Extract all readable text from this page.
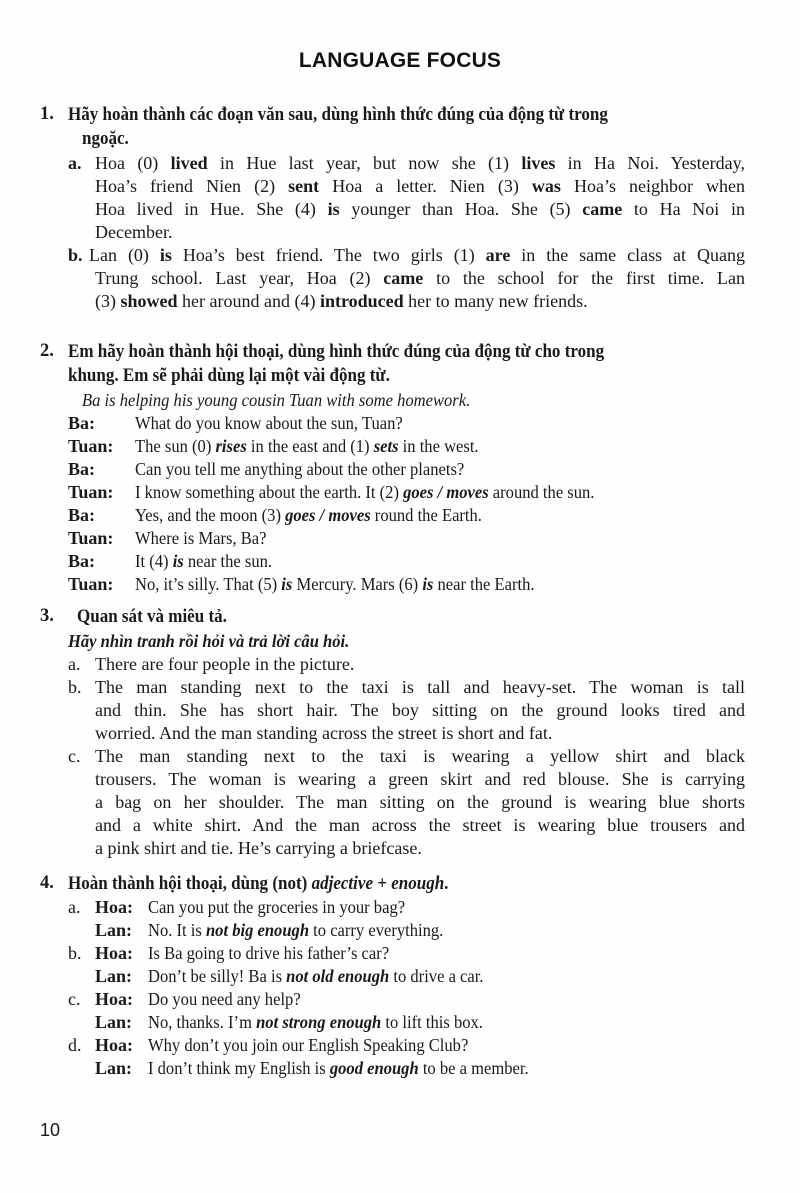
LANGUAGE FOCUS
1. Hãy hoàn thành các đoạn văn sau, dùng hình thức đúng của động từ trong
ngoặc.
a. Hoa (0) lived in Hue last year, but now she (1) lives in Ha Noi. Yesterday,
Hoa’s friend Nien (2) sent Hoa a letter. Nien (3) was Hoa’s neighbor when
Hoa lived in Hue. She (4) is younger than Hoa. She (5) came to Ha Noi in
December.
b. Lan (0) is Hoa’s best friend. The two girls (1) are in the same class at Quang
Trung school. Last year, Hoa (2) came to the school for the first time. Lan
(3) showed her around and (4) introduced her to many new friends.
2. Em hãy hoàn thành hội thoại, dùng hình thức đúng của động từ cho trong
khung. Em sẽ phải dùng lại một vài động từ.
Ba is helping his young cousin Tuan with some homework.
Ba: What do you know about the sun, Tuan?
Tuan: The sun (0) rises in the east and (1) sets in the west.
Ba: Can you tell me anything about the other planets?
Tuan: I know something about the earth. It (2) goes / moves around the sun.
Ba: Yes, and the moon (3) goes / moves round the Earth.
Tuan: Where is Mars, Ba?
Ba: It (4) is near the sun.
Tuan: No, it’s silly. That (5) is Mercury. Mars (6) is near the Earth.
3. Quan sát và miêu tả.
Hãy nhìn tranh rồi hỏi và trả lời câu hỏi.
a. There are four people in the picture.
b. The man standing next to the taxi is tall and heavy-set. The woman is tall
and thin. She has short hair. The boy sitting on the ground looks tired and
worried. And the man standing across the street is short and fat.
c. The man standing next to the taxi is wearing a yellow shirt and black
trousers. The woman is wearing a green skirt and red blouse. She is carrying
a bag on her shoulder. The man sitting on the ground is wearing blue shorts
and a white shirt. And the man across the street is wearing blue trousers and
a pink shirt and tie. He’s carrying a briefcase.
4. Hoàn thành hội thoại, dùng (not) adjective + enough.
a. Hoa: Can you put the groceries in your bag?
Lan: No. It is not big enough to carry everything.
b. Hoa: Is Ba going to drive his father’s car?
Lan: Don’t be silly! Ba is not old enough to drive a car.
c. Hoa: Do you need any help?
Lan: No, thanks. I’m not strong enough to lift this box.
d. Hoa: Why don’t you join our English Speaking Club?
Lan: I don’t think my English is good enough to be a member.
10
